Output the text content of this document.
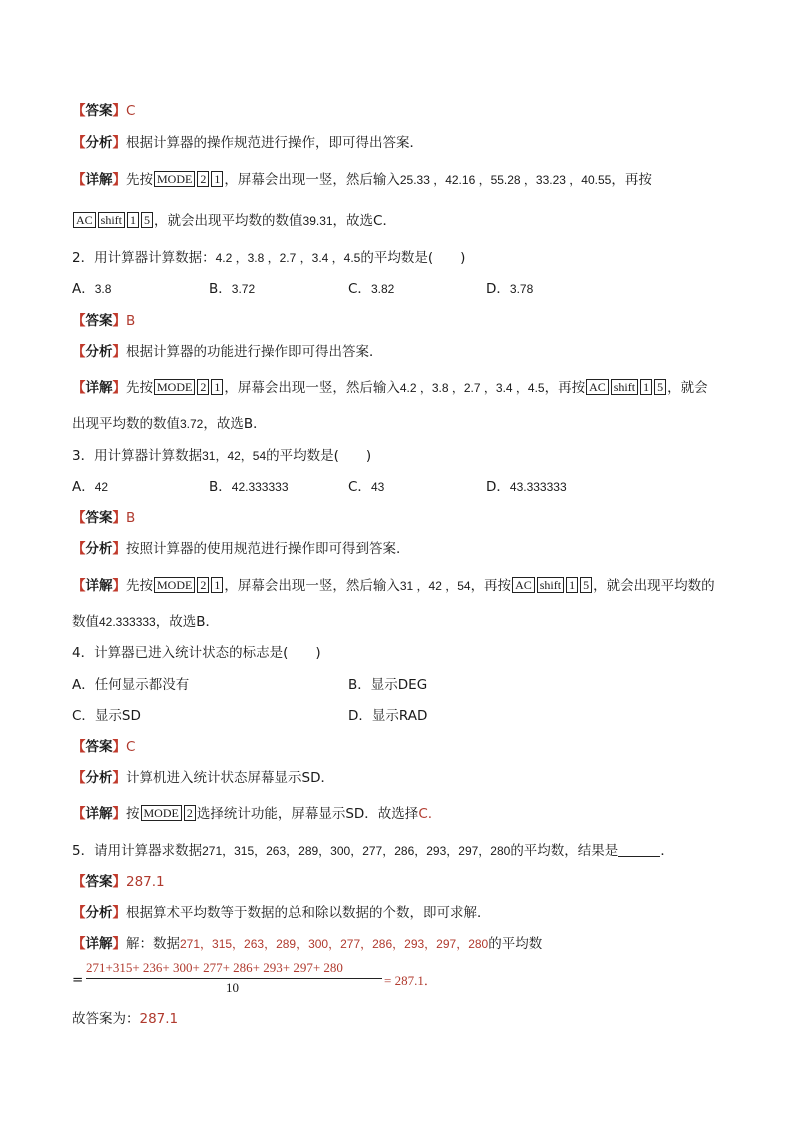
【答案】C
【分析】根据计算器的操作规范进行操作，即可得出答案．
【详解】先按 MODE 2 1 ，屏幕会出现一竖，然后输入25.33 ，42.16 ，55.28 ，33.23 ，40.55，再按
AC shift 1 5 ，就会出现平均数的数值39.31，故选C．
2．用计算器计算数据：4.2 ，3.8 ，2.7 ，3.4 ，4.5的平均数是(　　)
A．3.8	B．3.72	C．3.82	D．3.78
【答案】B
【分析】根据计算器的功能进行操作即可得出答案．
【详解】先按 MODE 2 1 ，屏幕会出现一竖，然后输入4.2 ，3.8 ，2.7 ，3.4 ，4.5，再按 AC shift 1 5 ，就会
出现平均数的数值3.72，故选B．
3．用计算器计算数据31，42，54的平均数是(　　)
A．42	B．42.333333	C．43	D．43.333333
【答案】B
【分析】按照计算器的使用规范进行操作即可得到答案.
【详解】先按 MODE 2 1 ，屏幕会出现一竖，然后输入31 ，42 ，54，再按 AC shift 1 5 ，就会出现平均数的
数值42.333333，故选B．
4．计算器已进入统计状态的标志是(　　)
A．任何显示都没有	B．显示DEG
C．显示SD	D．显示RAD
【答案】C
【分析】计算机进入统计状态屏幕显示SD．
【详解】按 MODE 2 选择统计功能，屏幕显示SD．故选择C.
5．请用计算器求数据271，315，263，289，300，277，286，293，297，280的平均数，结果是	．
【答案】287.1
【分析】根据算术平均数等于数据的总和除以数据的个数，即可求解．
【详解】解：数据271，315，263，289，300，277，286，293，297，280的平均数
=
271+315+ 236+ 300+ 277+ 286+ 293+ 297+ 280
10	= 287.1．
故答案为：287.1
